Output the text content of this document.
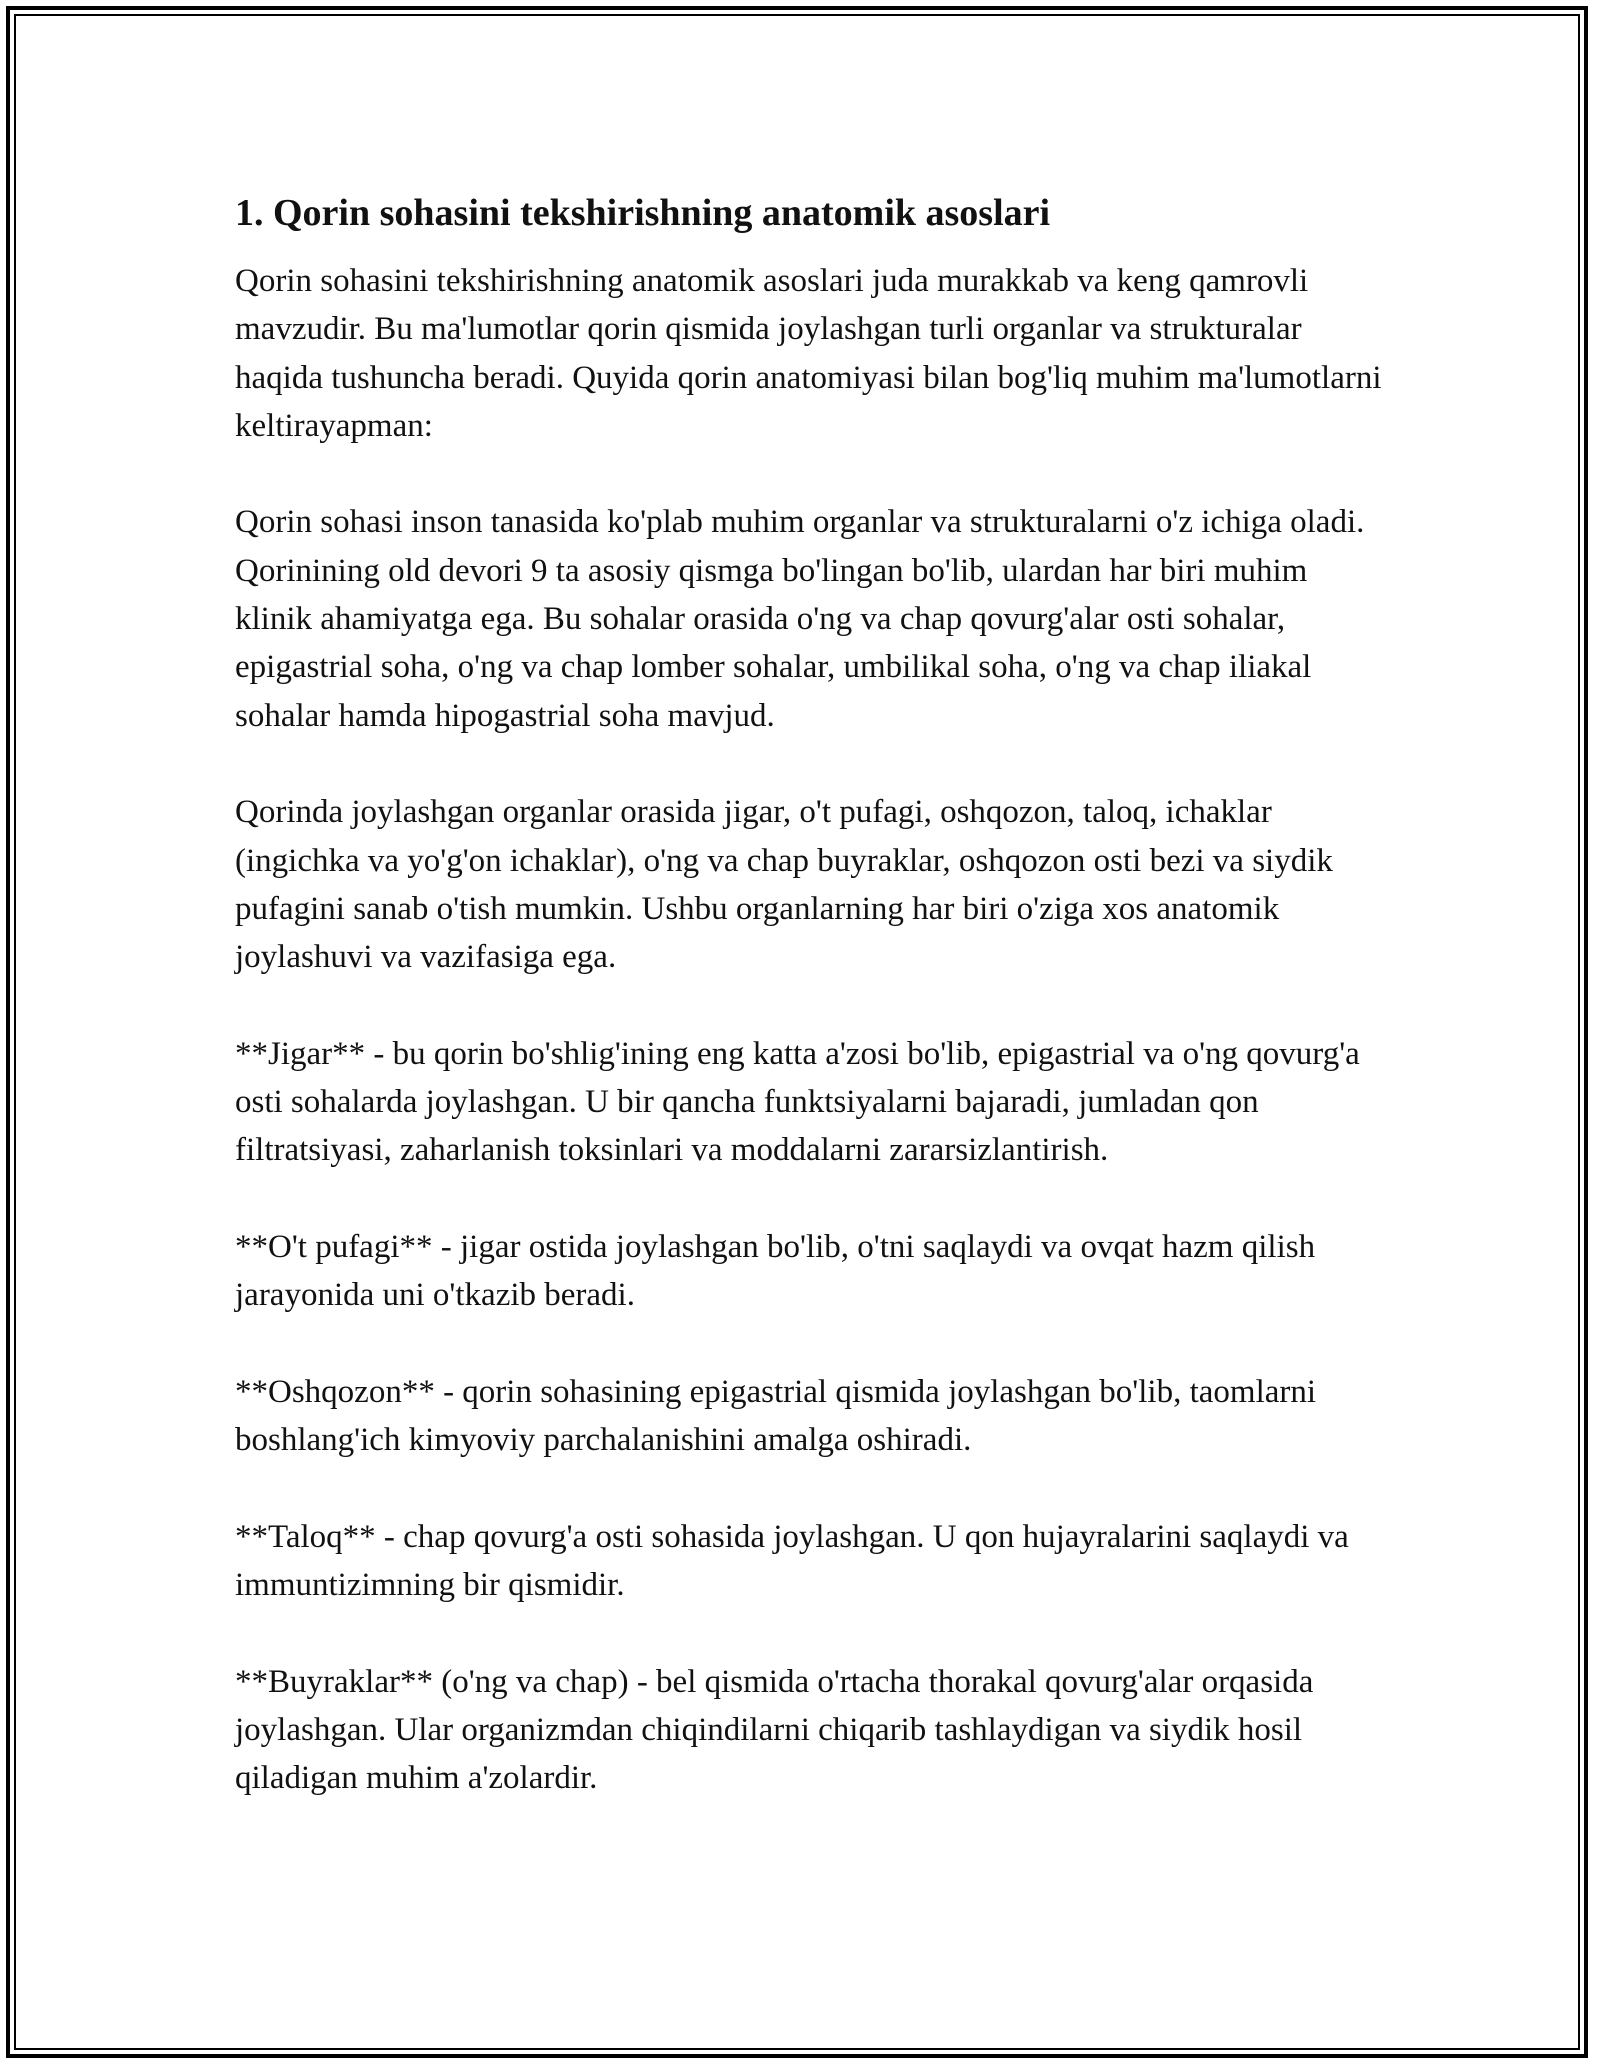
1. Qorin sohasini tekshirishning anatomik asoslari

Qorin sohasini tekshirishning anatomik asoslari juda murakkab va keng qamrovli mavzudir. Bu ma'lumotlar qorin qismida joylashgan turli organlar va strukturalar haqida tushuncha beradi. Quyida qorin anatomiyasi bilan bog'liq muhim ma'lumotlarni keltirayapman:

Qorin sohasi inson tanasida ko'plab muhim organlar va strukturalarni o'z ichiga oladi. Qorinining old devori 9 ta asosiy qismga bo'lingan bo'lib, ulardan har biri muhim klinik ahamiyatga ega. Bu sohalar orasida o'ng va chap qovurg'alar osti sohalar, epigastrial soha, o'ng va chap lomber sohalar, umbilikal soha, o'ng va chap iliakal sohalar hamda hipogastrial soha mavjud.

Qorinda joylashgan organlar orasida jigar, o't pufagi, oshqozon, taloq, ichaklar (ingichka va yo'g'on ichaklar), o'ng va chap buyraklar, oshqozon osti bezi va siydik pufagini sanab o'tish mumkin. Ushbu organlarning har biri o'ziga xos anatomik joylashuvi va vazifasiga ega.

**Jigar** - bu qorin bo'shlig'ining eng katta a'zosi bo'lib, epigastrial va o'ng qovurg'a osti sohalarda joylashgan. U bir qancha funktsiyalarni bajaradi, jumladan qon filtratsiyasi, zaharlanish toksinlari va moddalarni zararsizlantirish.

**O't pufagi** - jigar ostida joylashgan bo'lib, o'tni saqlaydi va ovqat hazm qilish jarayonida uni o'tkazib beradi.

**Oshqozon** - qorin sohasining epigastrial qismida joylashgan bo'lib, taomlarni boshlang'ich kimyoviy parchalanishini amalga oshiradi.

**Taloq** - chap qovurg'a osti sohasida joylashgan. U qon hujayralarini saqlaydi va immuntizimning bir qismidir.

**Buyraklar** (o'ng va chap) - bel qismida o'rtacha thorakal qovurg'alar orqasida joylashgan. Ular organizmdan chiqindilarni chiqarib tashlaydigan va siydik hosil qiladigan muhim a'zolardir.
